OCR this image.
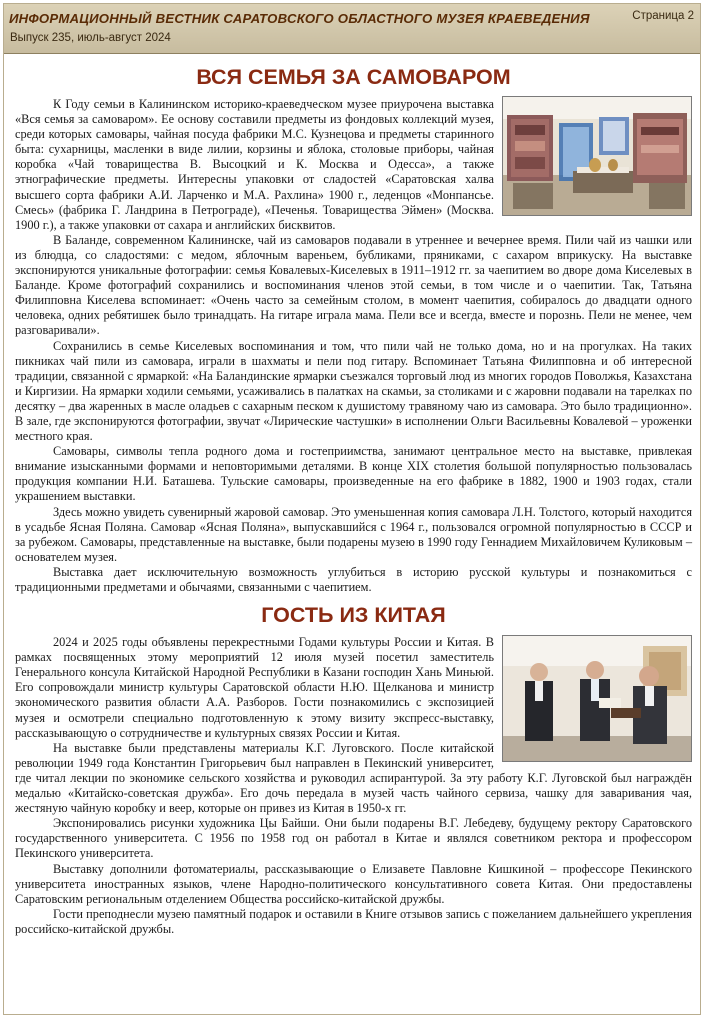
ИНФОРМАЦИОННЫЙ ВЕСТНИК САРАТОВСКОГО ОБЛАСТНОГО МУЗЕЯ КРАЕВЕДЕНИЯ
Выпуск 235, июль-август 2024
Страница 2
ВСЯ СЕМЬЯ ЗА САМОВАРОМ

К Году семьи в Калининском историко-краеведческом музее приурочена выставка «Вся семья за самоваром». Ее основу составили предметы из фондовых коллекций музея, среди которых самовары, чайная посуда фабрики М.С. Кузнецова и предметы старинного быта: сухарницы, масленки в виде лилии, корзины и яблока, столовые приборы, чайная коробка «Чай товарищества В. Высоцкий и К. Москва и Одесса», а также этнографические предметы. Интересны упаковки от сладостей «Саратовская халва высшего сорта фабрики А.И. Ларченко и М.А. Рахлина» 1900 г., леденцов «Монпансье. Смесь» (фабрика Г. Ландрина в Петрограде), «Печенья. Товарищества Эймен» (Москва. 1900 г.), а также упаковки от сахара и английских бисквитов.

В Баланде, современном Калининске, чай из самоваров подавали в утреннее и вечернее время. Пили чай из чашки или из блюдца, со сладостями: с медом, яблочным вареньем, бубликами, пряниками, с сахаром вприкуску. На выставке экспонируются уникальные фотографии: семья Ковалевых-Киселевых в 1911–1912 гг. за чаепитием во дворе дома Киселевых в Баланде. Кроме фотографий сохранились и воспоминания членов этой семьи, в том числе и о чаепитии. Так, Татьяна Филипповна Киселева вспоминает: «Очень часто за семейным столом, в момент чаепития, собиралось до двадцати одного человека, одних ребятишек было тринадцать. На гитаре играла мама. Пели все и всегда, вместе и порознь. Пели не менее, чем разговаривали».

Сохранились в семье Киселевых воспоминания и том, что пили чай не только дома, но и на прогулках. На таких пикниках чай пили из самовара, играли в шахматы и пели под гитару. Вспоминает Татьяна Филипповна и об интересной традиции, связанной с ярмаркой: «На Баландинские ярмарки съезжался торговый люд из многих городов Поволжья, Казахстана и Киргизии. На ярмарки ходили семьями, усаживались в палатках на скамьи, за столиками и с жаровни подавали на тарелках по десятку – два жаренных в масле оладьев с сахарным песком к душистому травяному чаю из самовара. Это было традиционно». В зале, где экспонируются фотографии, звучат «Лирические частушки» в исполнении Ольги Васильевны Ковалевой – уроженки местного края.

Самовары, символы тепла родного дома и гостеприимства, занимают центральное место на выставке, привлекая внимание изысканными формами и неповторимыми деталями. В конце XIX столетия большой популярностью пользовалась продукция компании Н.И. Баташева. Тульские самовары, произведенные на его фабрике в 1882, 1900 и 1903 годах, стали украшением выставки.

Здесь можно увидеть сувенирный жаровой самовар. Это уменьшенная копия самовара Л.Н. Толстого, который находится в усадьбе Ясная Поляна. Самовар «Ясная Поляна», выпускавшийся с 1964 г., пользовался огромной популярностью в СССР и за рубежом. Самовары, представленные на выставке, были подарены музею в 1990 году Геннадием Михайловичем Куликовым – основателем музея.

Выставка дает исключительную возможность углубиться в историю русской культуры и познакомиться с традиционными предметами и обычаями, связанными с чаепитием.

ГОСТЬ ИЗ КИТАЯ

2024 и 2025 годы объявлены перекрестными Годами культуры России и Китая. В рамках посвященных этому мероприятий 12 июля музей посетил заместитель Генерального консула Китайской Народной Республики в Казани господин Хань Миньюй. Его сопровождали министр культуры Саратовской области Н.Ю. Щелканова и министр экономического развития области А.А. Разборов. Гости познакомились с экспозицией музея и осмотрели специально подготовленную к этому визиту экспресс-выставку, рассказывающую о сотрудничестве и культурных связях России и Китая.

На выставке были представлены материалы К.Г. Луговского. После китайской революции 1949 года Константин Григорьевич был направлен в Пекинский университет, где читал лекции по экономике сельского хозяйства и руководил аспирантурой. За эту работу К.Г. Луговской был награждён медалью «Китайско-советская дружба». Его дочь передала в музей часть чайного сервиза, чашку для заваривания чая, жестяную чайную коробку и веер, которые он привез из Китая в 1950-х гг.

Экспонировались рисунки художника Цы Байши. Они были подарены В.Г. Лебедеву, будущему ректору Саратовского государственного университета. С 1956 по 1958 год он работал в Китае и являлся советником ректора и профессором Пекинского университета.

Выставку дополнили фотоматериалы, рассказывающие о Елизавете Павловне Кишкиной – профессоре Пекинского университета иностранных языков, члене Народно-политического консультативного совета Китая. Они предоставлены Саратовским региональным отделением Общества российско-китайской дружбы.

Гости преподнесли музею памятный подарок и оставили в Книге отзывов запись с пожеланием дальнейшего укрепления российско-китайской дружбы.
